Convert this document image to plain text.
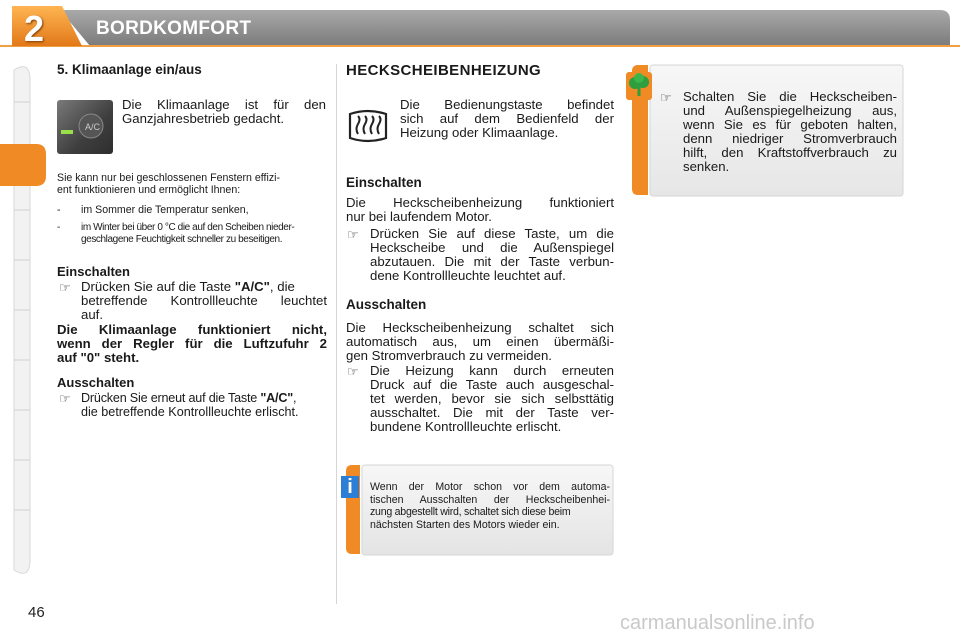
2	BORDKOMFORT
5. Klimaanlage ein/aus
A/C
Die Klimaanlage ist für den
Ganzjahresbetrieb gedacht.
Sie kann nur bei geschlossenen Fenstern effizi-
ent funktionieren und ermöglicht Ihnen:
- im Sommer die Temperatur senken,
- im Winter bei über 0 °C die auf den Scheiben nieder-
geschlagene Feuchtigkeit schneller zu beseitigen.
Einschalten
☞ Drücken Sie auf die Taste "A/C", die
betreffende Kontrollleuchte leuchtet
auf.
Die Klimaanlage funktioniert nicht,
wenn der Regler für die Luftzufuhr 2
auf "0" steht.
Ausschalten
☞ Drücken Sie erneut auf die Taste "A/C",
die betreffende Kontrollleuchte erlischt.
HECKSCHEIBENHEIZUNG
Die Bedienungstaste befindet
sich auf dem Bedienfeld der
Heizung oder Klimaanlage.
Einschalten
Die Heckscheibenheizung funktioniert
nur bei laufendem Motor.
☞ Drücken Sie auf diese Taste, um die
Heckscheibe und die Außenspiegel
abzutauen. Die mit der Taste verbun-
dene Kontrollleuchte leuchtet auf.
Ausschalten
Die Heckscheibenheizung schaltet sich
automatisch aus, um einen übermäßi-
gen Stromverbrauch zu vermeiden.
☞ Die Heizung kann durch erneuten
Druck auf die Taste auch ausgeschal-
tet werden, bevor sie sich selbsttätig
ausschaltet. Die mit der Taste ver-
bundene Kontrollleuchte erlischt.
i	Wenn der Motor schon vor dem automa-
tischen Ausschalten der Heckscheibenhei-
zung abgestellt wird, schaltet sich diese beim
nächsten Starten des Motors wieder ein.
☞ Schalten Sie die Heckscheiben-
und Außenspiegelheizung aus,
wenn Sie es für geboten halten,
denn niedriger Stromverbrauch
hilft, den Kraftstoffverbrauch zu
senken.
46	carmanualsonline.info
